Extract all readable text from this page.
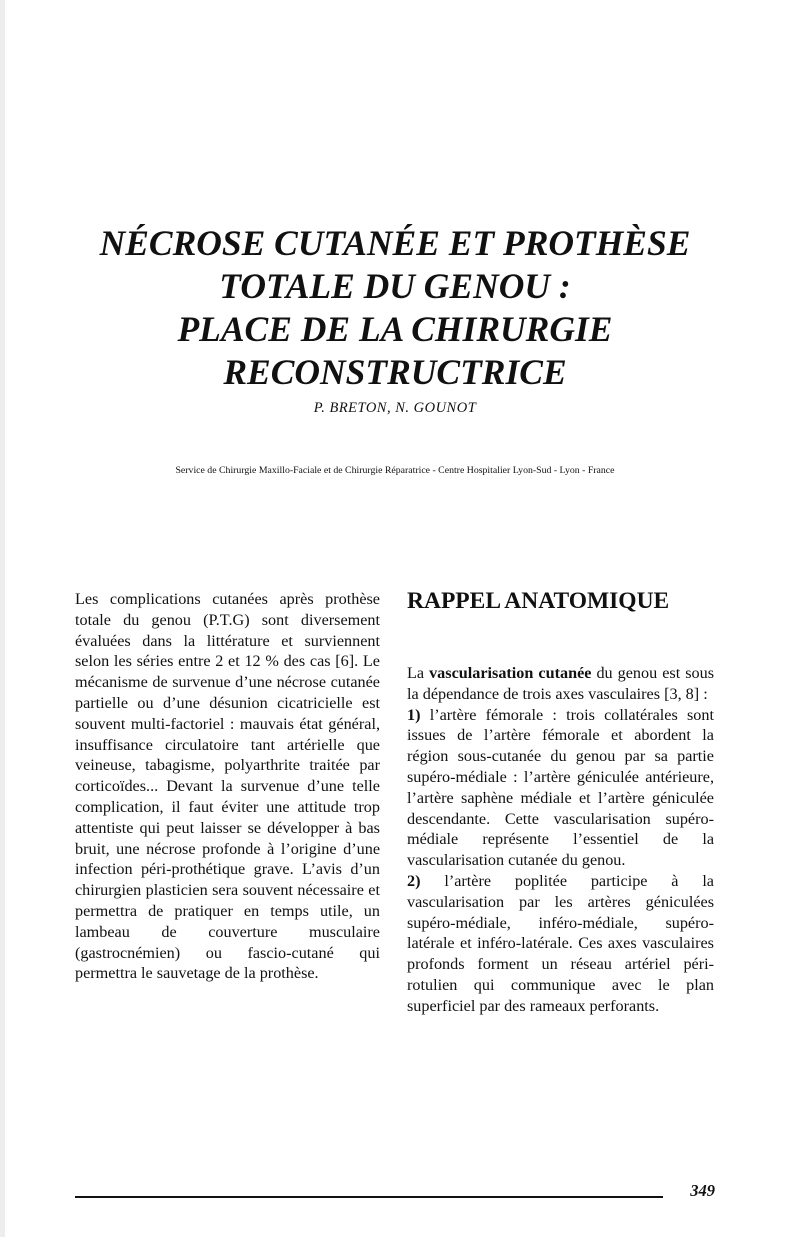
NÉCROSE CUTANÉE ET PROTHÈSE
TOTALE DU GENOU :
PLACE DE LA CHIRURGIE
RECONSTRUCTRICE
P. BRETON, N. GOUNOT
Service de Chirurgie Maxillo-Faciale et de Chirurgie Réparatrice - Centre Hospitalier Lyon-Sud - Lyon - France

Les complications cutanées après prothèse totale du genou (P.T.G) sont diversement évaluées dans la littérature et surviennent selon les séries entre 2 et 12 % des cas [6]. Le mécanisme de survenue d’une nécrose cutanée partielle ou d’une désunion cicatricielle est souvent multi-factoriel : mauvais état général, insuffisance circulatoire tant artérielle que veineuse, tabagisme, polyarthrite traitée par corticoïdes... Devant la survenue d’une telle complication, il faut éviter une attitude trop attentiste qui peut laisser se développer à bas bruit, une nécrose profonde à l’origine d’une infection péri-prothétique grave. L’avis d’un chirurgien plasticien sera souvent nécessaire et permettra de pratiquer en temps utile, un lambeau de couverture musculaire (gastrocnémien) ou fascio-cutané qui permettra le sauvetage de la prothèse.

RAPPEL ANATOMIQUE

La vascularisation cutanée du genou est sous la dépendance de trois axes vasculaires [3, 8] :

1) l’artère fémorale : trois collatérales sont issues de l’artère fémorale et abordent la région sous-cutanée du genou par sa partie supéro-médiale : l’artère géniculée antérieure, l’artère saphène médiale et l’artère géniculée descendante. Cette vascularisation supéro-médiale représente l’essentiel de la vascularisation cutanée du genou.

2) l’artère poplitée participe à la vascularisation par les artères géniculées supéro-médiale, inféro-médiale, supéro-latérale et inféro-latérale. Ces axes vasculaires profonds forment un réseau artériel péri-rotulien qui communique avec le plan superficiel par des rameaux perforants.

349
